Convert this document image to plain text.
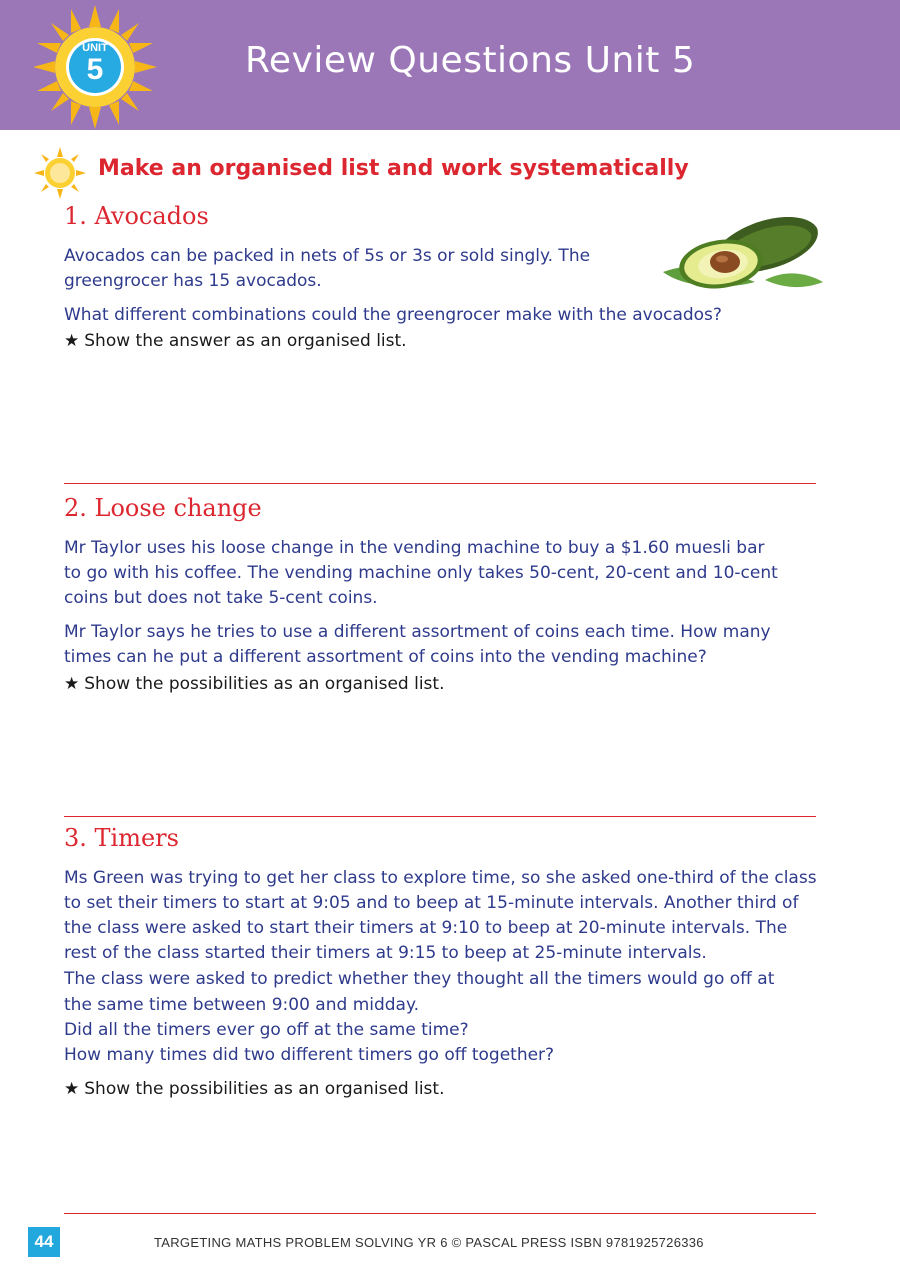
UNIT
5	Review Questions Unit 5
Make an organised list and work systematically
1. Avocados
Avocados can be packed in nets of 5s or 3s or sold singly. The
greengrocer has 15 avocados.
What different combinations could the greengrocer make with the avocados?
★ Show the answer as an organised list.
2. Loose change
Mr Taylor uses his loose change in the vending machine to buy a $1.60 muesli bar
to go with his coffee. The vending machine only takes 50-cent, 20-cent and 10-cent
coins but does not take 5-cent coins.
Mr Taylor says he tries to use a different assortment of coins each time. How many
times can he put a different assortment of coins into the vending machine?
★ Show the possibilities as an organised list.
3. Timers
Ms Green was trying to get her class to explore time, so she asked one-third of the class
to set their timers to start at 9:05 and to beep at 15-minute intervals. Another third of
the class were asked to start their timers at 9:10 to beep at 20-minute intervals. The
rest of the class started their timers at 9:15 to beep at 25-minute intervals.
The class were asked to predict whether they thought all the timers would go off at
the same time between 9:00 and midday.
Did all the timers ever go off at the same time?
How many times did two different timers go off together?
★ Show the possibilities as an organised list.
44	TARGETING MATHS PROBLEM SOLVING YR 6 © PASCAL PRESS ISBN 9781925726336
